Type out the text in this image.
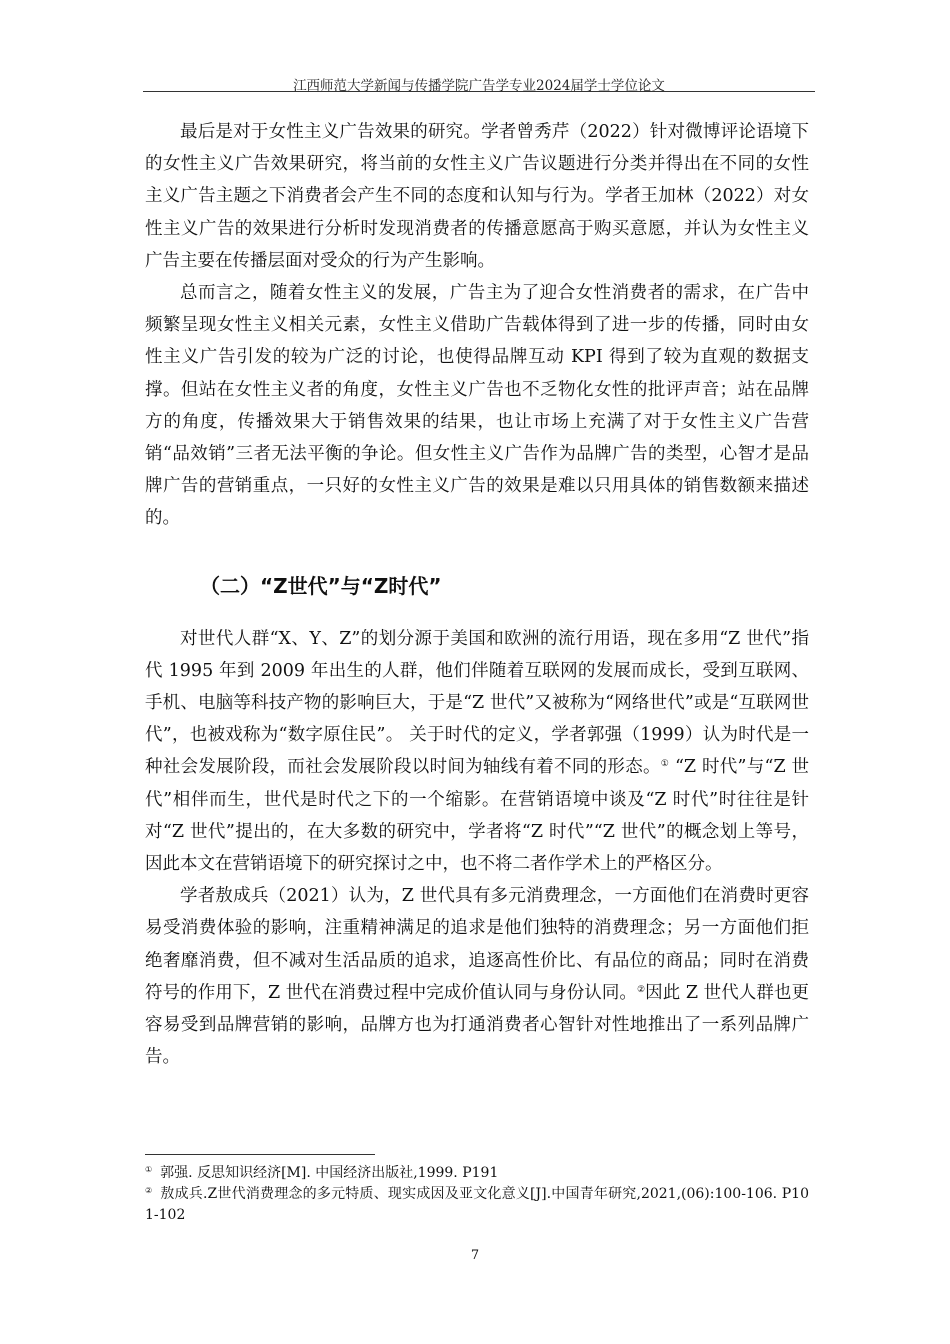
江西师范大学新闻与传播学院广告学专业2024届学士学位论文

最后是对于女性主义广告效果的研究。学者曾秀芹（2022）针对微博评论语境下的女性主义广告效果研究，将当前的女性主义广告议题进行分类并得出在不同的女性主义广告主题之下消费者会产生不同的态度和认知与行为。学者王加林（2022）对女性主义广告的效果进行分析时发现消费者的传播意愿高于购买意愿，并认为女性主义广告主要在传播层面对受众的行为产生影响。

总而言之，随着女性主义的发展，广告主为了迎合女性消费者的需求，在广告中频繁呈现女性主义相关元素，女性主义借助广告载体得到了进一步的传播，同时由女性主义广告引发的较为广泛的讨论，也使得品牌互动 KPI 得到了较为直观的数据支撑。但站在女性主义者的角度，女性主义广告也不乏物化女性的批评声音；站在品牌方的角度，传播效果大于销售效果的结果，也让市场上充满了对于女性主义广告营销“品效销”三者无法平衡的争论。但女性主义广告作为品牌广告的类型，心智才是品牌广告的营销重点，一只好的女性主义广告的效果是难以只用具体的销售数额来描述的。

（二）“Z世代”与“Z时代”

对世代人群“X、Y、Z”的划分源于美国和欧洲的流行用语，现在多用“Z 世代”指代 1995 年到 2009 年出生的人群，他们伴随着互联网的发展而成长，受到互联网、手机、电脑等科技产物的影响巨大，于是“Z 世代”又被称为“网络世代”或是“互联网世代”，也被戏称为“数字原住民”。 关于时代的定义，学者郭强（1999）认为时代是一种社会发展阶段，而社会发展阶段以时间为轴线有着不同的形态。① “Z 时代”与“Z 世代”相伴而生，世代是时代之下的一个缩影。在营销语境中谈及“Z 时代”时往往是针对“Z 世代”提出的，在大多数的研究中，学者将“Z 时代”“Z 世代”的概念划上等号，因此本文在营销语境下的研究探讨之中，也不将二者作学术上的严格区分。

学者敖成兵（2021）认为，Z 世代具有多元消费理念，一方面他们在消费时更容易受消费体验的影响，注重精神满足的追求是他们独特的消费理念；另一方面他们拒绝奢靡消费，但不减对生活品质的追求，追逐高性价比、有品位的商品；同时在消费符号的作用下，Z 世代在消费过程中完成价值认同与身份认同。②因此 Z 世代人群也更容易受到品牌营销的影响，品牌方也为打通消费者心智针对性地推出了一系列品牌广告。

① 郭强. 反思知识经济[M]. 中国经济出版社,1999. P191

② 敖成兵.Z世代消费理念的多元特质、现实成因及亚文化意义[J].中国青年研究,2021,(06):100-106. P101-102

7
